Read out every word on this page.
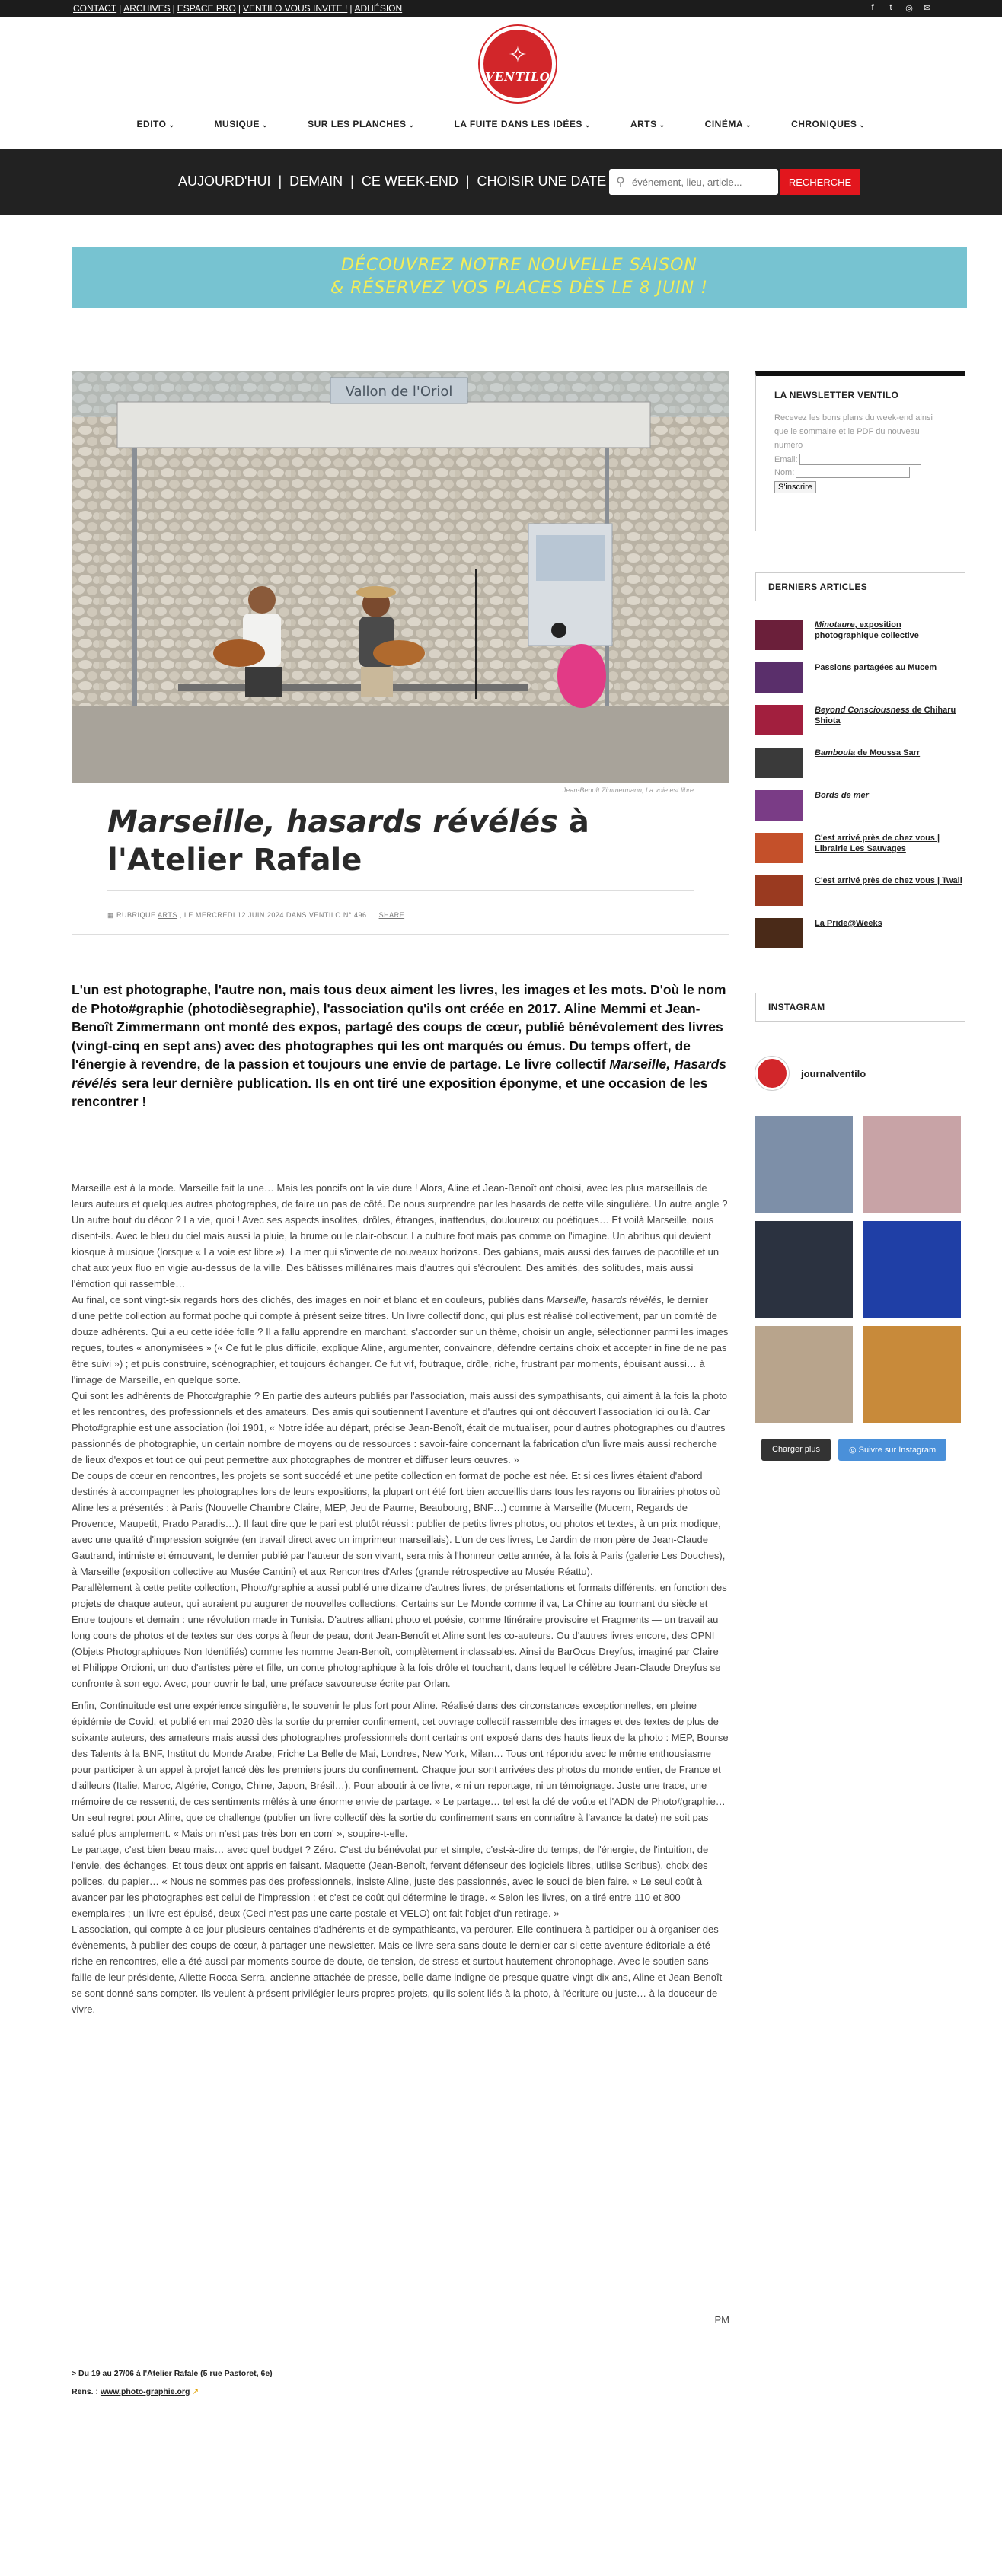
CONTACT | ARCHIVES | ESPACE PRO | VENTILO VOUS INVITE ! | ADHÉSION	f	t	◎ ✉
✧
VENTILO
EDITO ⌄	MUSIQUE ⌄	SUR LES PLANCHES ⌄	LA FUITE DANS LES IDÉES ⌄	ARTS ⌄	CINÉMA ⌄	CHRONIQUES ⌄
AUJOURD'HUI | DEMAIN | CE WEEK-END | CHOISIR UNE DATE ⚲
événement, lieu, article...	RECHERCHE
DÉCOUVREZ NOTRE NOUVELLE SAISON
& RÉSERVEZ VOS PLACES DÈS LE 8 JUIN !
Vallon de l'Oriol
Jean-Benoît Zimmermann, La voie est libre
Marseille, hasards révélés à l'Atelier Rafale
▦ RUBRIQUE ARTS , LE MERCREDI 12 JUIN 2024 DANS VENTILO N° 496 SHARE
L'un est photographe, l'autre non, mais tous deux aiment les livres, les images et les mots. D'où le nom de Photo#graphie (photodièsegraphie), l'association qu'ils ont créée en 2017. Aline Memmi et Jean-Benoît Zimmermann ont monté des expos, partagé des coups de cœur, publié bénévolement des livres (vingt-cinq en sept ans) avec des photographes qui les ont marqués ou émus. Du temps offert, de l'énergie à revendre, de la passion et toujours une envie de partage. Le livre collectif Marseille, Hasards révélés sera leur dernière publication. Ils en ont tiré une exposition éponyme, et une occasion de les rencontrer !

Marseille est à la mode. Marseille fait la une… Mais les poncifs ont la vie dure ! Alors, Aline et Jean-Benoît ont choisi, avec les plus marseillais de leurs auteurs et quelques autres photographes, de faire un pas de côté. De nous surprendre par les hasards de cette ville singulière. Un autre angle ? Un autre bout du décor ? La vie, quoi ! Avec ses aspects insolites, drôles, étranges, inattendus, douloureux ou poétiques… Et voilà Marseille, nous disent-ils. Avec le bleu du ciel mais aussi la pluie, la brume ou le clair-obscur. La culture foot mais pas comme on l'imagine. Un abribus qui devient kiosque à musique (lorsque « La voie est libre »). La mer qui s'invente de nouveaux horizons. Des gabians, mais aussi des fauves de pacotille et un chat aux yeux fluo en vigie au-dessus de la ville. Des bâtisses millénaires mais d'autres qui s'écroulent. Des amitiés, des solitudes, mais aussi l'émotion qui rassemble…

Au final, ce sont vingt-six regards hors des clichés, des images en noir et blanc et en couleurs, publiés dans Marseille, hasards révélés, le dernier d'une petite collection au format poche qui compte à présent seize titres. Un livre collectif donc, qui plus est réalisé collectivement, par un comité de douze adhérents. Qui a eu cette idée folle ? Il a fallu apprendre en marchant, s'accorder sur un thème, choisir un angle, sélectionner parmi les images reçues, toutes « anonymisées » (« Ce fut le plus difficile, explique Aline, argumenter, convaincre, défendre certains choix et accepter in fine de ne pas être suivi ») ; et puis construire, scénographier, et toujours échanger. Ce fut vif, foutraque, drôle, riche, frustrant par moments, épuisant aussi… à l'image de Marseille, en quelque sorte.

Qui sont les adhérents de Photo#graphie ? En partie des auteurs publiés par l'association, mais aussi des sympathisants, qui aiment à la fois la photo et les rencontres, des professionnels et des amateurs. Des amis qui soutiennent l'aventure et d'autres qui ont découvert l'association ici ou là. Car Photo#graphie est une association (loi 1901, « Notre idée au départ, précise Jean-Benoît, était de mutualiser, pour d'autres photographes ou d'autres passionnés de photographie, un certain nombre de moyens ou de ressources : savoir-faire concernant la fabrication d'un livre mais aussi recherche de lieux d'expos et tout ce qui peut permettre aux photographes de montrer et diffuser leurs œuvres. »

De coups de cœur en rencontres, les projets se sont succédé et une petite collection en format de poche est née. Et si ces livres étaient d'abord destinés à accompagner les photographes lors de leurs expositions, la plupart ont été fort bien accueillis dans tous les rayons ou librairies photos où Aline les a présentés : à Paris (Nouvelle Chambre Claire, MEP, Jeu de Paume, Beaubourg, BNF…) comme à Marseille (Mucem, Regards de Provence, Maupetit, Prado Paradis…). Il faut dire que le pari est plutôt réussi : publier de petits livres photos, ou photos et textes, à un prix modique, avec une qualité d'impression soignée (en travail direct avec un imprimeur marseillais). L'un de ces livres, Le Jardin de mon père de Jean-Claude Gautrand, intimiste et émouvant, le dernier publié par l'auteur de son vivant, sera mis à l'honneur cette année, à la fois à Paris (galerie Les Douches), à Marseille (exposition collective au Musée Cantini) et aux Rencontres d'Arles (grande rétrospective au Musée Réattu).

Parallèlement à cette petite collection, Photo#graphie a aussi publié une dizaine d'autres livres, de présentations et formats différents, en fonction des projets de chaque auteur, qui auraient pu augurer de nouvelles collections. Certains sur Le Monde comme il va, La Chine au tournant du siècle et Entre toujours et demain : une révolution made in Tunisia. D'autres alliant photo et poésie, comme Itinéraire provisoire et Fragments — un travail au long cours de photos et de textes sur des corps à fleur de peau, dont Jean-Benoît et Aline sont les co-auteurs. Ou d'autres livres encore, des OPNI (Objets Photographiques Non Identifiés) comme les nomme Jean-Benoît, complètement inclassables. Ainsi de BarOcus Dreyfus, imaginé par Claire et Philippe Ordioni, un duo d'artistes père et fille, un conte photographique à la fois drôle et touchant, dans lequel le célèbre Jean-Claude Dreyfus se confronte à son ego. Avec, pour ouvrir le bal, une préface savoureuse écrite par Orlan.

Enfin, Continuitude est une expérience singulière, le souvenir le plus fort pour Aline. Réalisé dans des circonstances exceptionnelles, en pleine épidémie de Covid, et publié en mai 2020 dès la sortie du premier confinement, cet ouvrage collectif rassemble des images et des textes de plus de soixante auteurs, des amateurs mais aussi des photographes professionnels dont certains ont exposé dans des hauts lieux de la photo : MEP, Bourse des Talents à la BNF, Institut du Monde Arabe, Friche La Belle de Mai, Londres, New York, Milan… Tous ont répondu avec le même enthousiasme pour participer à un appel à projet lancé dès les premiers jours du confinement. Chaque jour sont arrivées des photos du monde entier, de France et d'ailleurs (Italie, Maroc, Algérie, Congo, Chine, Japon, Brésil…). Pour aboutir à ce livre, « ni un reportage, ni un témoignage. Juste une trace, une mémoire de ce ressenti, de ces sentiments mêlés à une énorme envie de partage. » Le partage… tel est la clé de voûte et l'ADN de Photo#graphie… Un seul regret pour Aline, que ce challenge (publier un livre collectif dès la sortie du confinement sans en connaître à l'avance la date) ne soit pas salué plus amplement. « Mais on n'est pas très bon en com' », soupire-t-elle.

Le partage, c'est bien beau mais… avec quel budget ? Zéro. C'est du bénévolat pur et simple, c'est-à-dire du temps, de l'énergie, de l'intuition, de l'envie, des échanges. Et tous deux ont appris en faisant. Maquette (Jean-Benoît, fervent défenseur des logiciels libres, utilise Scribus), choix des polices, du papier… « Nous ne sommes pas des professionnels, insiste Aline, juste des passionnés, avec le souci de bien faire. » Le seul coût à avancer par les photographes est celui de l'impression : et c'est ce coût qui détermine le tirage. « Selon les livres, on a tiré entre 110 et 800 exemplaires ; un livre est épuisé, deux (Ceci n'est pas une carte postale et VELO) ont fait l'objet d'un retirage. »

L'association, qui compte à ce jour plusieurs centaines d'adhérents et de sympathisants, va perdurer. Elle continuera à participer ou à organiser des évènements, à publier des coups de cœur, à partager une newsletter. Mais ce livre sera sans doute le dernier car si cette aventure éditoriale a été riche en rencontres, elle a été aussi par moments source de doute, de tension, de stress et surtout hautement chronophage. Avec le soutien sans faille de leur présidente, Aliette Rocca-Serra, ancienne attachée de presse, belle dame indigne de presque quatre-vingt-dix ans, Aline et Jean-Benoît se sont donné sans compter. Ils veulent à présent privilégier leurs propres projets, qu'ils soient liés à la photo, à l'écriture ou juste… à la douceur de vivre.

PM
> Du 19 au 27/06 à l'Atelier Rafale (5 rue Pastoret, 6e)
Rens. : www.photo-graphie.org ↗
LA NEWSLETTER VENTILO

Recevez les bons plans du week-end ainsi que le sommaire et le PDF du nouveau numéro

Email:
Nom:
S'inscrire
DERNIERS ARTICLES
Minotaure, exposition photographique collective
Passions partagées au Mucem
Beyond Consciousness de Chiharu Shiota
Bamboula de Moussa Sarr
Bords de mer
C'est arrivé près de chez vous | Librairie Les Sauvages
C'est arrivé près de chez vous | Twali
La Pride@Weeks
INSTAGRAM
journalventilo
Charger plus	◎ Suivre sur Instagram
